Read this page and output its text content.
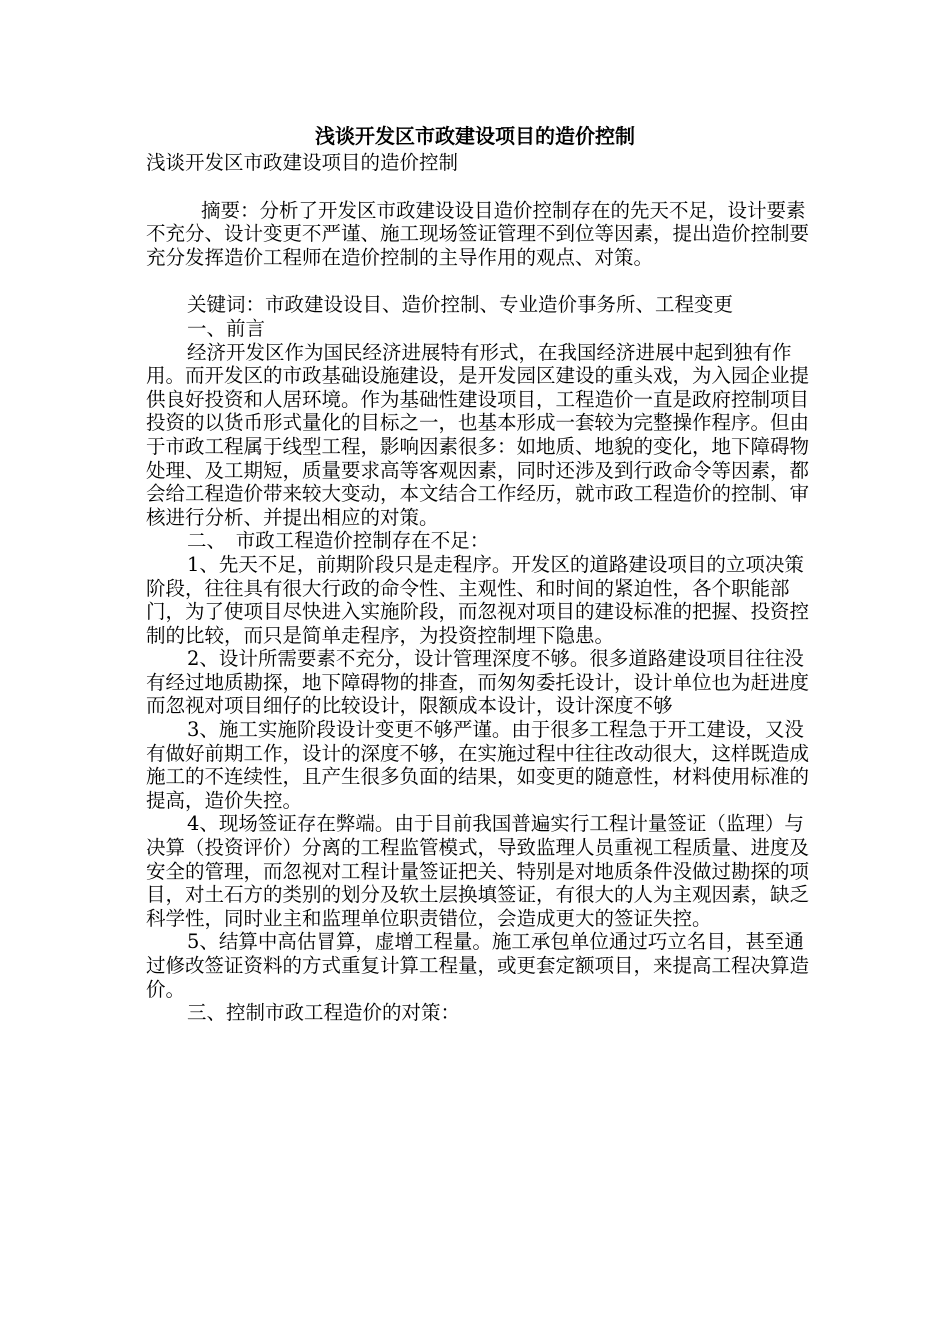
浅谈开发区市政建设项目的造价控制

浅谈开发区市政建设项目的造价控制

摘要：分析了开发区市政建设设目造价控制存在的先天不足，设计要素不充分、设计变更不严谨、施工现场签证管理不到位等因素，提出造价控制要充分发挥造价工程师在造价控制的主导作用的观点、对策。

关键词：市政建设设目、造价控制、专业造价事务所、工程变更

一、前言

经济开发区作为国民经济进展特有形式，在我国经济进展中起到独有作用。而开发区的市政基础设施建设，是开发园区建设的重头戏，为入园企业提供良好投资和人居环境。作为基础性建设项目，工程造价一直是政府控制项目投资的以货币形式量化的目标之一，也基本形成一套较为完整操作程序。但由于市政工程属于线型工程，影响因素很多：如地质、地貌的变化，地下障碍物处理、及工期短，质量要求高等客观因素，同时还涉及到行政命令等因素，都会给工程造价带来较大变动，本文结合工作经历，就市政工程造价的控制、审核进行分析、并提出相应的对策。

二、　市政工程造价控制存在不足：

1、先天不足，前期阶段只是走程序。开发区的道路建设项目的立项决策阶段，往往具有很大行政的命令性、主观性、和时间的紧迫性，各个职能部门，为了使项目尽快进入实施阶段，而忽视对项目的建设标准的把握、投资控制的比较，而只是简单走程序，为投资控制埋下隐患。

2、设计所需要素不充分，设计管理深度不够。很多道路建设项目往往没有经过地质勘探，地下障碍物的排查，而匆匆委托设计，设计单位也为赶进度而忽视对项目细仔的比较设计，限额成本设计，设计深度不够

3、施工实施阶段设计变更不够严谨。由于很多工程急于开工建设，又没有做好前期工作，设计的深度不够，在实施过程中往往改动很大，这样既造成施工的不连续性，且产生很多负面的结果，如变更的随意性，材料使用标准的提高，造价失控。

4、现场签证存在弊端。由于目前我国普遍实行工程计量签证（监理）与决算（投资评价）分离的工程监管模式，导致监理人员重视工程质量、进度及安全的管理，而忽视对工程计量签证把关、特别是对地质条件没做过勘探的项目，对土石方的类别的划分及软土层换填签证，有很大的人为主观因素，缺乏科学性，同时业主和监理单位职责错位，会造成更大的签证失控。

5、结算中高估冒算，虚增工程量。施工承包单位通过巧立名目，甚至通过修改签证资料的方式重复计算工程量，或更套定额项目，来提高工程决算造价。

三、控制市政工程造价的对策：
